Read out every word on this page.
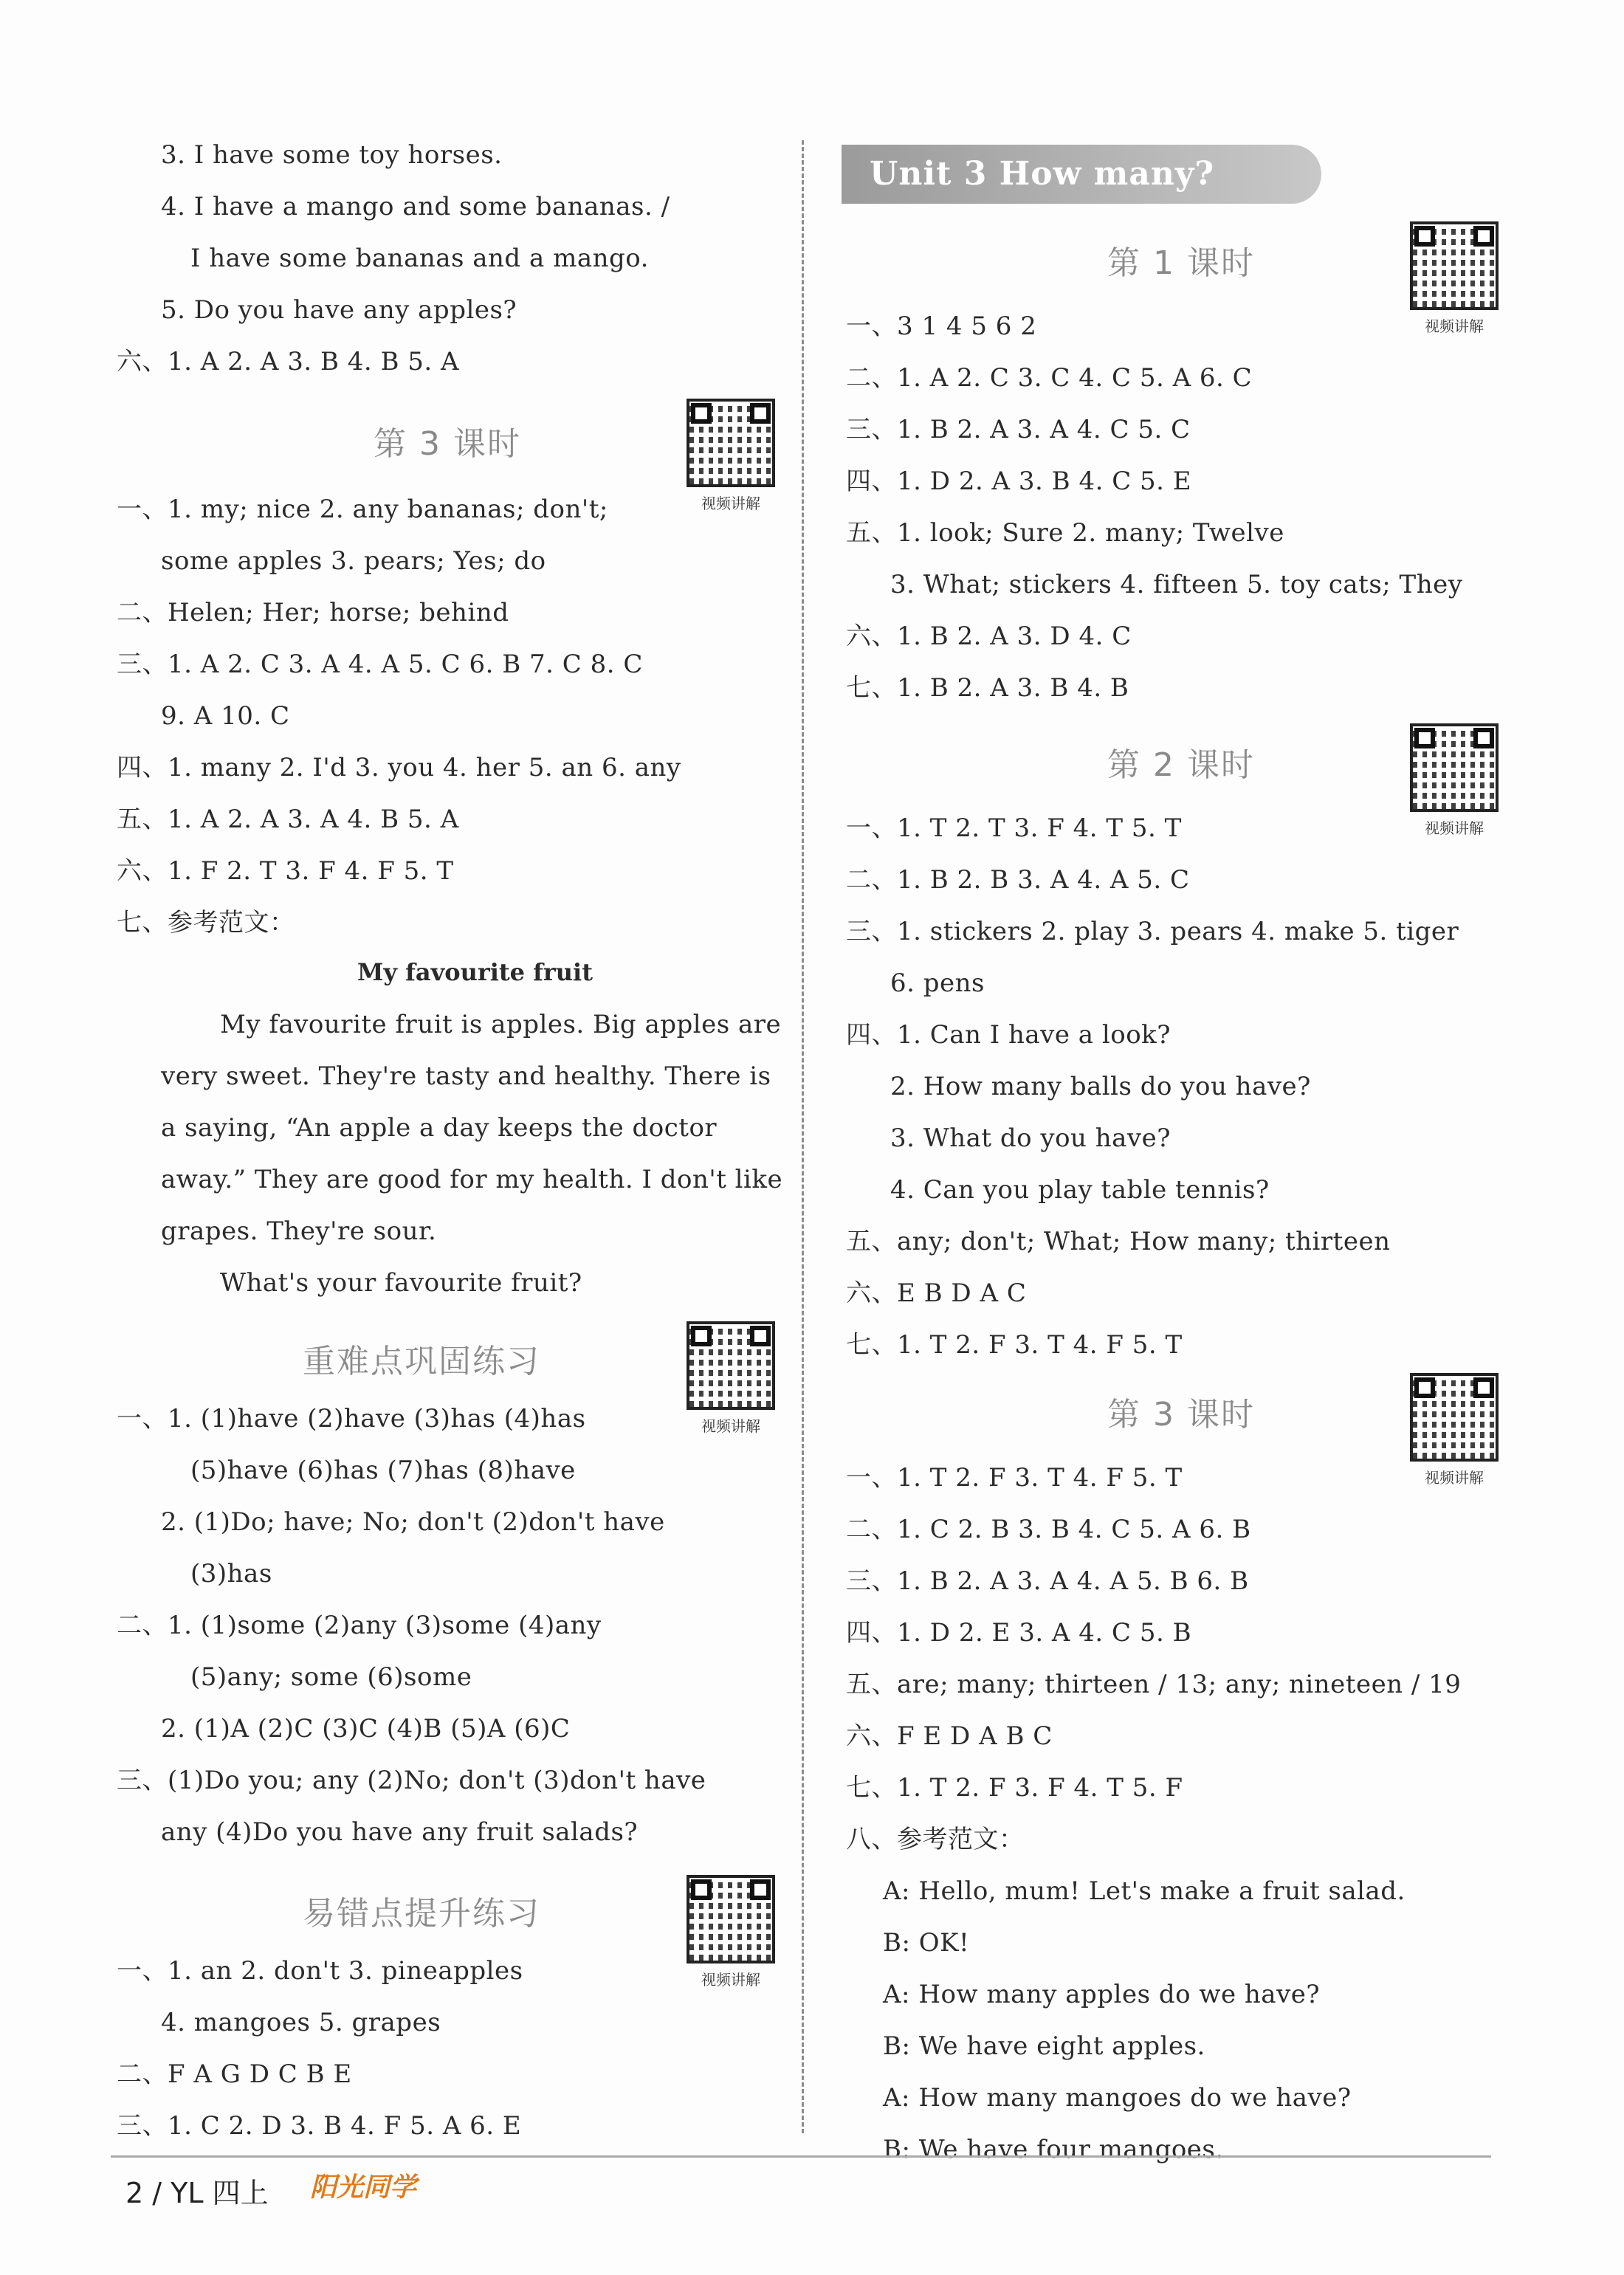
3. I have some toy horses.
4. I have a mango and some bananas. /
I have some bananas and a mango.
5. Do you have any apples?
六、1. A 2. A 3. B 4. B 5. A
第 3 课时
视频讲解
一、1. my; nice 2. any bananas; don't;
some apples 3. pears; Yes; do
二、Helen; Her; horse; behind
三、1. A 2. C 3. A 4. A 5. C 6. B 7. C 8. C
9. A 10. C
四、1. many 2. I'd 3. you 4. her 5. an 6. any
五、1. A 2. A 3. A 4. B 5. A
六、1. F 2. T 3. F 4. F 5. T
七、参考范文：
My favourite fruit
My favourite fruit is apples. Big apples are
very sweet. They're tasty and healthy. There is
a saying, “An apple a day keeps the doctor
away.” They are good for my health. I don't like
grapes. They're sour.
What's your favourite fruit?
重难点巩固练习
视频讲解
一、1. (1)have (2)have (3)has (4)has
(5)have (6)has (7)has (8)have
2. (1)Do; have; No; don't (2)don't have
(3)has
二、1. (1)some (2)any (3)some (4)any
(5)any; some (6)some
2. (1)A (2)C (3)C (4)B (5)A (6)C
三、(1)Do you; any (2)No; don't (3)don't have
any (4)Do you have any fruit salads?
易错点提升练习
视频讲解
一、1. an 2. don't 3. pineapples
4. mangoes 5. grapes
二、F A G D C B E
三、1. C 2. D 3. B 4. F 5. A 6. E
Unit 3 How many?
第 1 课时
视频讲解
一、3 1 4 5 6 2
二、1. A 2. C 3. C 4. C 5. A 6. C
三、1. B 2. A 3. A 4. C 5. C
四、1. D 2. A 3. B 4. C 5. E
五、1. look; Sure 2. many; Twelve
3. What; stickers 4. fifteen 5. toy cats; They
六、1. B 2. A 3. D 4. C
七、1. B 2. A 3. B 4. B
第 2 课时
视频讲解
一、1. T 2. T 3. F 4. T 5. T
二、1. B 2. B 3. A 4. A 5. C
三、1. stickers 2. play 3. pears 4. make 5. tiger
6. pens
四、1. Can I have a look?
2. How many balls do you have?
3. What do you have?
4. Can you play table tennis?
五、any; don't; What; How many; thirteen
六、E B D A C
七、1. T 2. F 3. T 4. F 5. T
第 3 课时
视频讲解
一、1. T 2. F 3. T 4. F 5. T
二、1. C 2. B 3. B 4. C 5. A 6. B
三、1. B 2. A 3. A 4. A 5. B 6. B
四、1. D 2. E 3. A 4. C 5. B
五、are; many; thirteen / 13; any; nineteen / 19
六、F E D A B C
七、1. T 2. F 3. F 4. T 5. F
八、参考范文：
A: Hello, mum! Let's make a fruit salad.
B: OK!
A: How many apples do we have?
B: We have eight apples.
A: How many mangoes do we have?
B: We have four mangoes.
2 / YL 四上 阳光同学
